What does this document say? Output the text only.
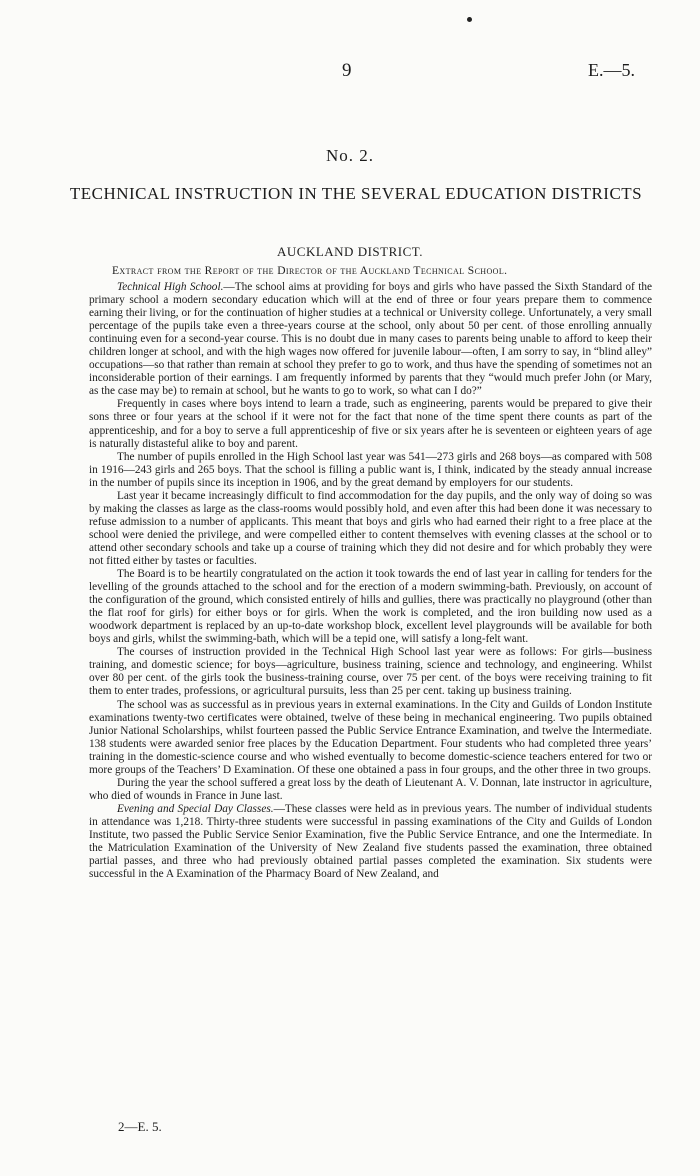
9	E.—5.
No. 2.
TECHNICAL INSTRUCTION IN THE SEVERAL EDUCATION DISTRICTS
AUCKLAND DISTRICT.
Extract from the Report of the Director of the Auckland Technical School.

Technical High School.—The school aims at providing for boys and girls who have passed the Sixth Standard of the primary school a modern secondary education which will at the end of three or four years prepare them to commence earning their living, or for the continuation of higher studies at a technical or University college. Unfortunately, a very small percentage of the pupils take even a three-years course at the school, only about 50 per cent. of those enrolling annually continuing even for a second-year course. This is no doubt due in many cases to parents being unable to afford to keep their children longer at school, and with the high wages now offered for juvenile labour—often, I am sorry to say, in “blind alley” occupations—so that rather than remain at school they prefer to go to work, and thus have the spending of sometimes not an inconsiderable portion of their earnings. I am frequently informed by parents that they “would much prefer John (or Mary, as the case may be) to remain at school, but he wants to go to work, so what can I do?”

Frequently in cases where boys intend to learn a trade, such as engineering, parents would be prepared to give their sons three or four years at the school if it were not for the fact that none of the time spent there counts as part of the apprenticeship, and for a boy to serve a full apprenticeship of five or six years after he is seventeen or eighteen years of age is naturally distasteful alike to boy and parent.

The number of pupils enrolled in the High School last year was 541—273 girls and 268 boys—as compared with 508 in 1916—243 girls and 265 boys. That the school is filling a public want is, I think, indicated by the steady annual increase in the number of pupils since its inception in 1906, and by the great demand by employers for our students.

Last year it became increasingly difficult to find accommodation for the day pupils, and the only way of doing so was by making the classes as large as the class-rooms would possibly hold, and even after this had been done it was necessary to refuse admission to a number of applicants. This meant that boys and girls who had earned their right to a free place at the school were denied the privilege, and were compelled either to content themselves with evening classes at the school or to attend other secondary schools and take up a course of training which they did not desire and for which probably they were not fitted either by tastes or faculties.

The Board is to be heartily congratulated on the action it took towards the end of last year in calling for tenders for the levelling of the grounds attached to the school and for the erection of a modern swimming-bath. Previously, on account of the configuration of the ground, which consisted entirely of hills and gullies, there was practically no playground (other than the flat roof for girls) for either boys or for girls. When the work is completed, and the iron building now used as a woodwork department is replaced by an up-to-date workshop block, excellent level playgrounds will be available for both boys and girls, whilst the swimming-bath, which will be a tepid one, will satisfy a long-felt want.

The courses of instruction provided in the Technical High School last year were as follows: For girls—business training, and domestic science; for boys—agriculture, business training, science and technology, and engineering. Whilst over 80 per cent. of the girls took the business-training course, over 75 per cent. of the boys were receiving training to fit them to enter trades, professions, or agricultural pursuits, less than 25 per cent. taking up business training.

The school was as successful as in previous years in external examinations. In the City and Guilds of London Institute examinations twenty-two certificates were obtained, twelve of these being in mechanical engineering. Two pupils obtained Junior National Scholarships, whilst fourteen passed the Public Service Entrance Examination, and twelve the Intermediate. 138 students were awarded senior free places by the Education Department. Four students who had completed three years’ training in the domestic-science course and who wished eventually to become domestic-science teachers entered for two or more groups of the Teachers’ D Examination. Of these one obtained a pass in four groups, and the other three in two groups.

During the year the school suffered a great loss by the death of Lieutenant A. V. Donnan, late instructor in agriculture, who died of wounds in France in June last.

Evening and Special Day Classes.—These classes were held as in previous years. The number of individual students in attendance was 1,218. Thirty-three students were successful in passing examinations of the City and Guilds of London Institute, two passed the Public Service Senior Examination, five the Public Service Entrance, and one the Intermediate. In the Matriculation Examination of the University of New Zealand five students passed the examination, three obtained partial passes, and three who had previously obtained partial passes completed the examination. Six students were successful in the A Examination of the Pharmacy Board of New Zealand, and

2—E. 5.
